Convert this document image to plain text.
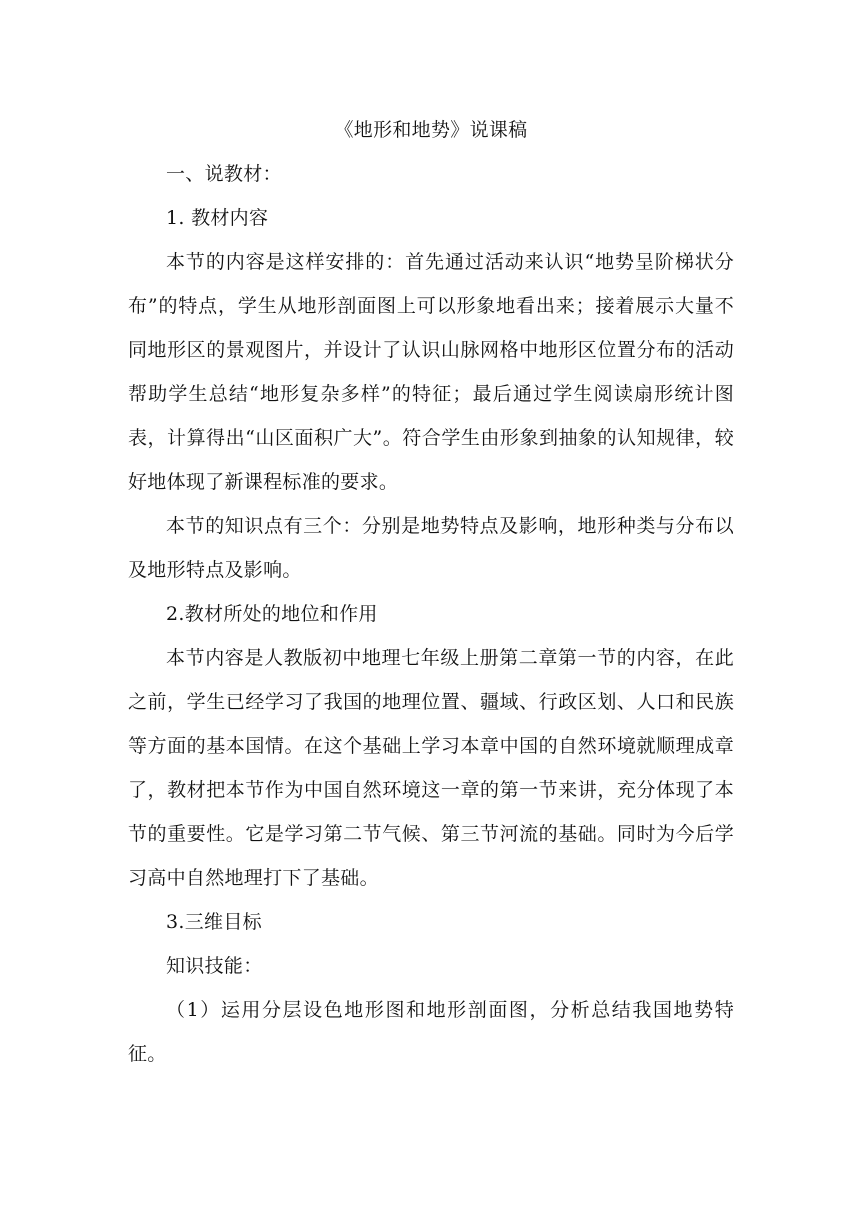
《地形和地势》说课稿
一、说教材：
1. 教材内容
本节的内容是这样安排的：首先通过活动来认识“地势呈阶梯状分布”的特点，学生从地形剖面图上可以形象地看出来；接着展示大量不同地形区的景观图片，并设计了认识山脉网格中地形区位置分布的活动帮助学生总结“地形复杂多样”的特征；最后通过学生阅读扇形统计图表，计算得出“山区面积广大”。符合学生由形象到抽象的认知规律，较好地体现了新课程标准的要求。
本节的知识点有三个：分别是地势特点及影响，地形种类与分布以及地形特点及影响。
2.教材所处的地位和作用
本节内容是人教版初中地理七年级上册第二章第一节的内容，在此之前，学生已经学习了我国的地理位置、疆域、行政区划、人口和民族等方面的基本国情。在这个基础上学习本章中国的自然环境就顺理成章了，教材把本节作为中国自然环境这一章的第一节来讲，充分体现了本节的重要性。它是学习第二节气候、第三节河流的基础。同时为今后学习高中自然地理打下了基础。
3.三维目标
知识技能：
（1）运用分层设色地形图和地形剖面图，分析总结我国地势特征。
